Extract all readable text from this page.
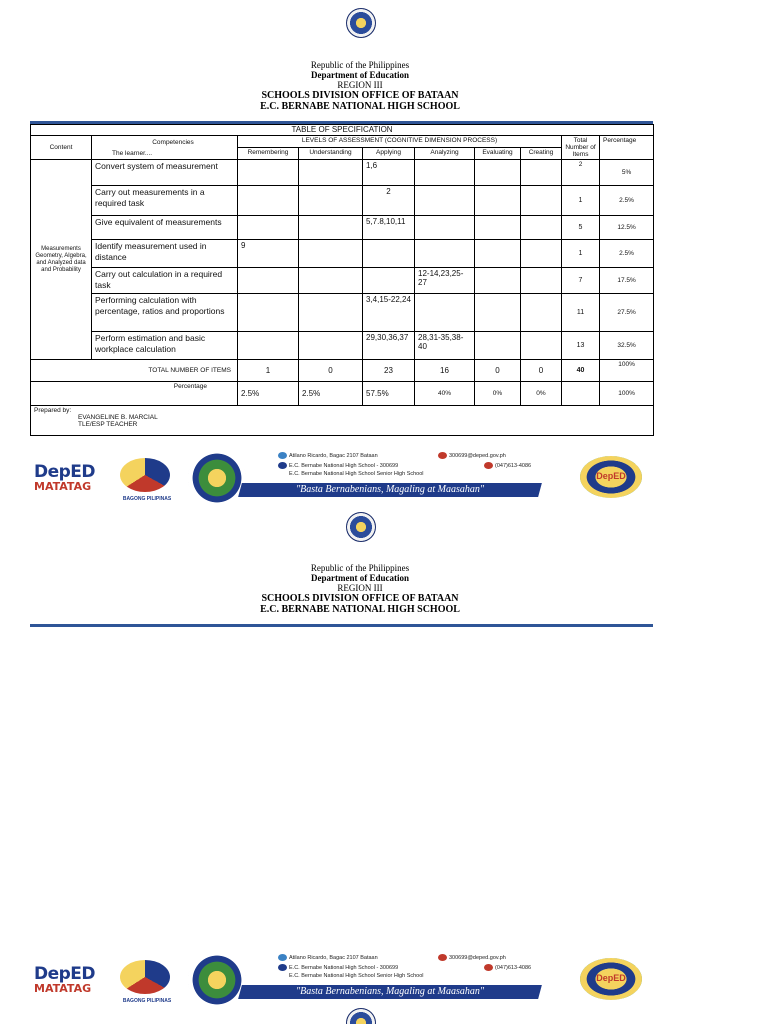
Republic of the Philippines
Department of Education
REGION III
SCHOOLS DIVISION OFFICE OF BATAAN
E.C. BERNABE NATIONAL HIGH SCHOOL
TABLE OF SPECIFICATION									
Content	Competencies
The learner....	LEVELS OF ASSESSMENT (COGNITIVE DIMENSION PROCESS)						Total Number of Items	Percentage
		Remembering	Understanding	Applying	Analyzing	Evaluating	Creating		
Measurements Geometry, Algebra, and Analyzed data and Probability	Convert system of measurement			1,6				2	5%
	Carry out measurements in a required task			2				1	2.5%
	Give equivalent of measurements			5,7.8,10,11				5	12.5%
	Identify measurement used in distance	9						1	2.5%
	Carry out calculation in a required task				12-14,23,25-27			7	17.5%
	Performing calculation with percentage, ratios and proportions			3,4,15-22,24				11	27.5%
	Perform estimation and basic workplace calculation			29,30,36,37	28,31-35,38-40			13	32.5%
TOTAL NUMBER OF ITEMS		1	0	23	16	0	0	40	100%
Percentage		2.5%	2.5%	57.5%	40%	0%	0%		100%

Prepared by:
EVANGELINE B. MARCIAL
TLE/ESP TEACHER									
DepED
MATATAG
BAGONG PILIPINAS
Atilano Ricardo, Bagac 2107 Bataan
E.C. Bernabe National High School - 300699
E.C. Bernabe National High School Senior High School
300699@deped.gov.ph
(047)613-4086
"Basta Bernabenians, Magaling at Maasahan"
DepED
Republic of the Philippines
Department of Education
REGION III
SCHOOLS DIVISION OFFICE OF BATAAN
E.C. BERNABE NATIONAL HIGH SCHOOL
DepED
MATATAG
BAGONG PILIPINAS
Atilano Ricardo, Bagac 2107 Bataan
E.C. Bernabe National High School - 300699
E.C. Bernabe National High School Senior High School
300699@deped.gov.ph
(047)613-4086
"Basta Bernabenians, Magaling at Maasahan"
DepED
